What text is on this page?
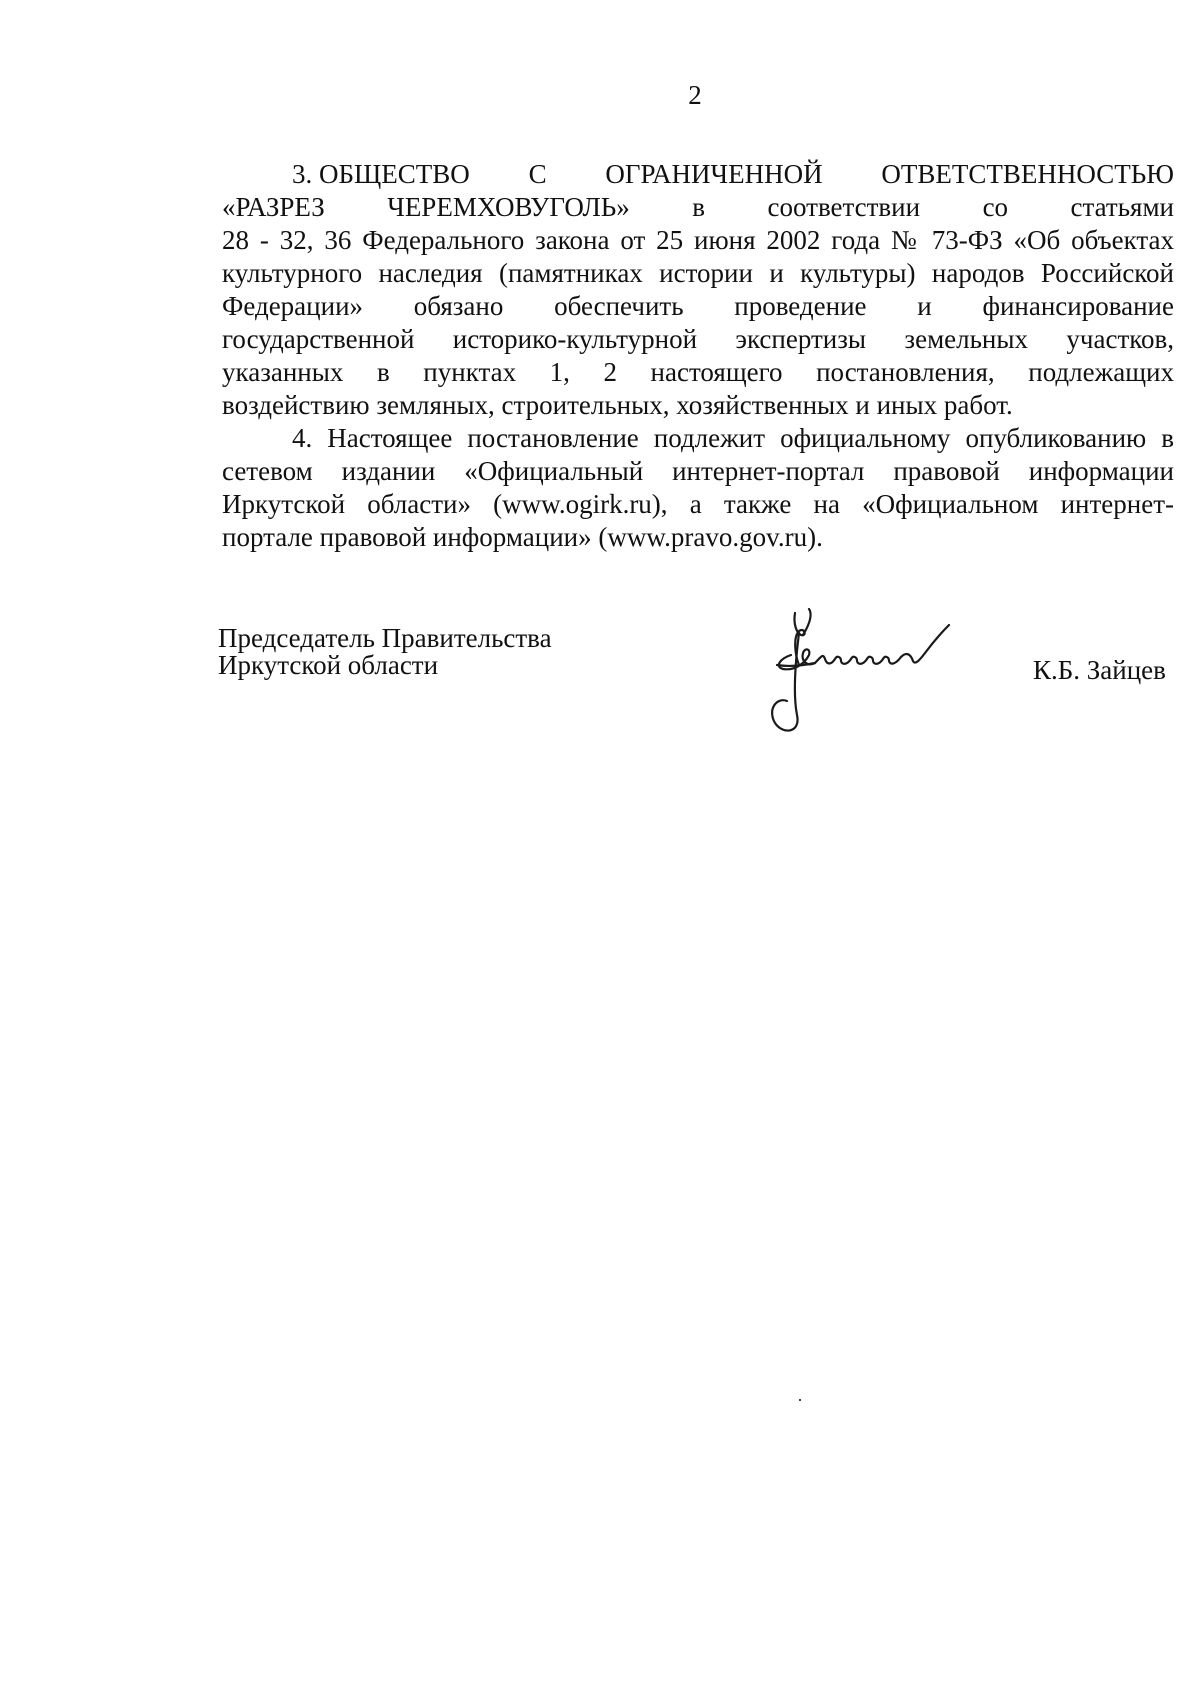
2
3. ОБЩЕСТВО С ОГРАНИЧЕННОЙ ОТВЕТСТВЕННОСТЬЮ
«РАЗРЕЗ ЧЕРЕМХОВУГОЛЬ» в соответствии со статьями
28 - 32, 36 Федерального закона от 25 июня 2002 года № 73-ФЗ «Об объектах
культурного наследия (памятниках истории и культуры) народов Российской
Федерации» обязано обеспечить проведение и финансирование
государственной историко-культурной экспертизы земельных участков,
указанных в пунктах 1, 2 настоящего постановления, подлежащих
воздействию земляных, строительных, хозяйственных и иных работ.
4. Настоящее постановление подлежит официальному опубликованию в
сетевом издании «Официальный интернет-портал правовой информации
Иркутской области» (www.ogirk.ru), а также на «Официальном интернет-
портале правовой информации» (www.pravo.gov.ru).
Председатель Правительства
Иркутской области	К.Б. Зайцев
